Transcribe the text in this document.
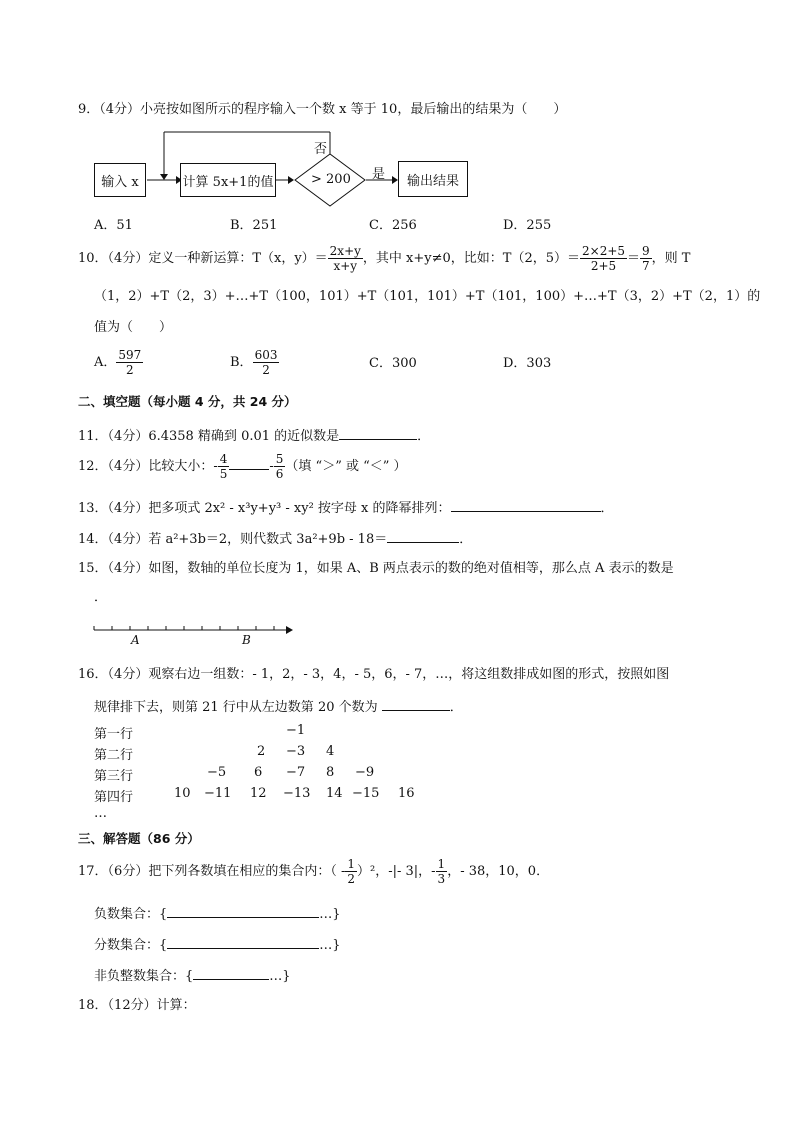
9．（4分）小亮按如图所示的程序输入一个数 x 等于 10，最后输出的结果为（　　）
输入 x	计算 5x+1的值	> 200 是
否
输出结果
A．51	B．251	C．256	D．255
10．（4分）定义一种新运算：T（x，$y)= \frac{2x+y}{x+y}$ ，其中 x+y≠0，比如：T（2，$5)= \frac{2\times 2+5}{2+5} = \frac{9}{7}$ ，则 T
（1，2）+T（2，3）+…+T（100，101）+T（101，101）+T（101，100）+…+T（3，2）+T（2，1）的
值为（　　）
A． $\frac{597}{2}$	B． $\frac{603}{2}$	C．300	D．303
二、填空题（每小题 4 分，共 24 分）
11．（4分）6.4358 精确到 0.01 的近似数是	．
12．（4分）比较大小：- $\frac{4}{5}$	- $\frac{5}{6}$ （填 “＞” 或 “＜” ）
13．（4分）把多项式 2x² - x³y+y³ - xy² 按字母 x 的降幂排列：	．
14．（4分）若 a²+3b＝2，则代数式 3a²+9b - 18＝	．
15．（4分）如图，数轴的单位长度为 1，如果 A、B 两点表示的数的绝对值相等，那么点 A 表示的数是
．
A	B
16．（4分）观察右边一组数：- 1，2，- 3，4，- 5，6，- 7，…，将这组数排成如图的形式，按照如图
规律排下去，则第 21 行中从左边数第 20 个数为	．
第一行	−1
第二行	2 −3 4
第三行	−5 6 −7 8 −9
第四行	10 −11 12 −13 14 −15 16
…
三、解答题（86 分）
17．（6分）把下列各数填在相应的集合内：（ - $\frac{1}{2} )^2$，-|- 3|，- $\frac{1}{3}$ ，- 38，10，0．
负数集合：{	…}
分数集合：{	…}
非负整数集合：{	…}
18．（12分）计算：
